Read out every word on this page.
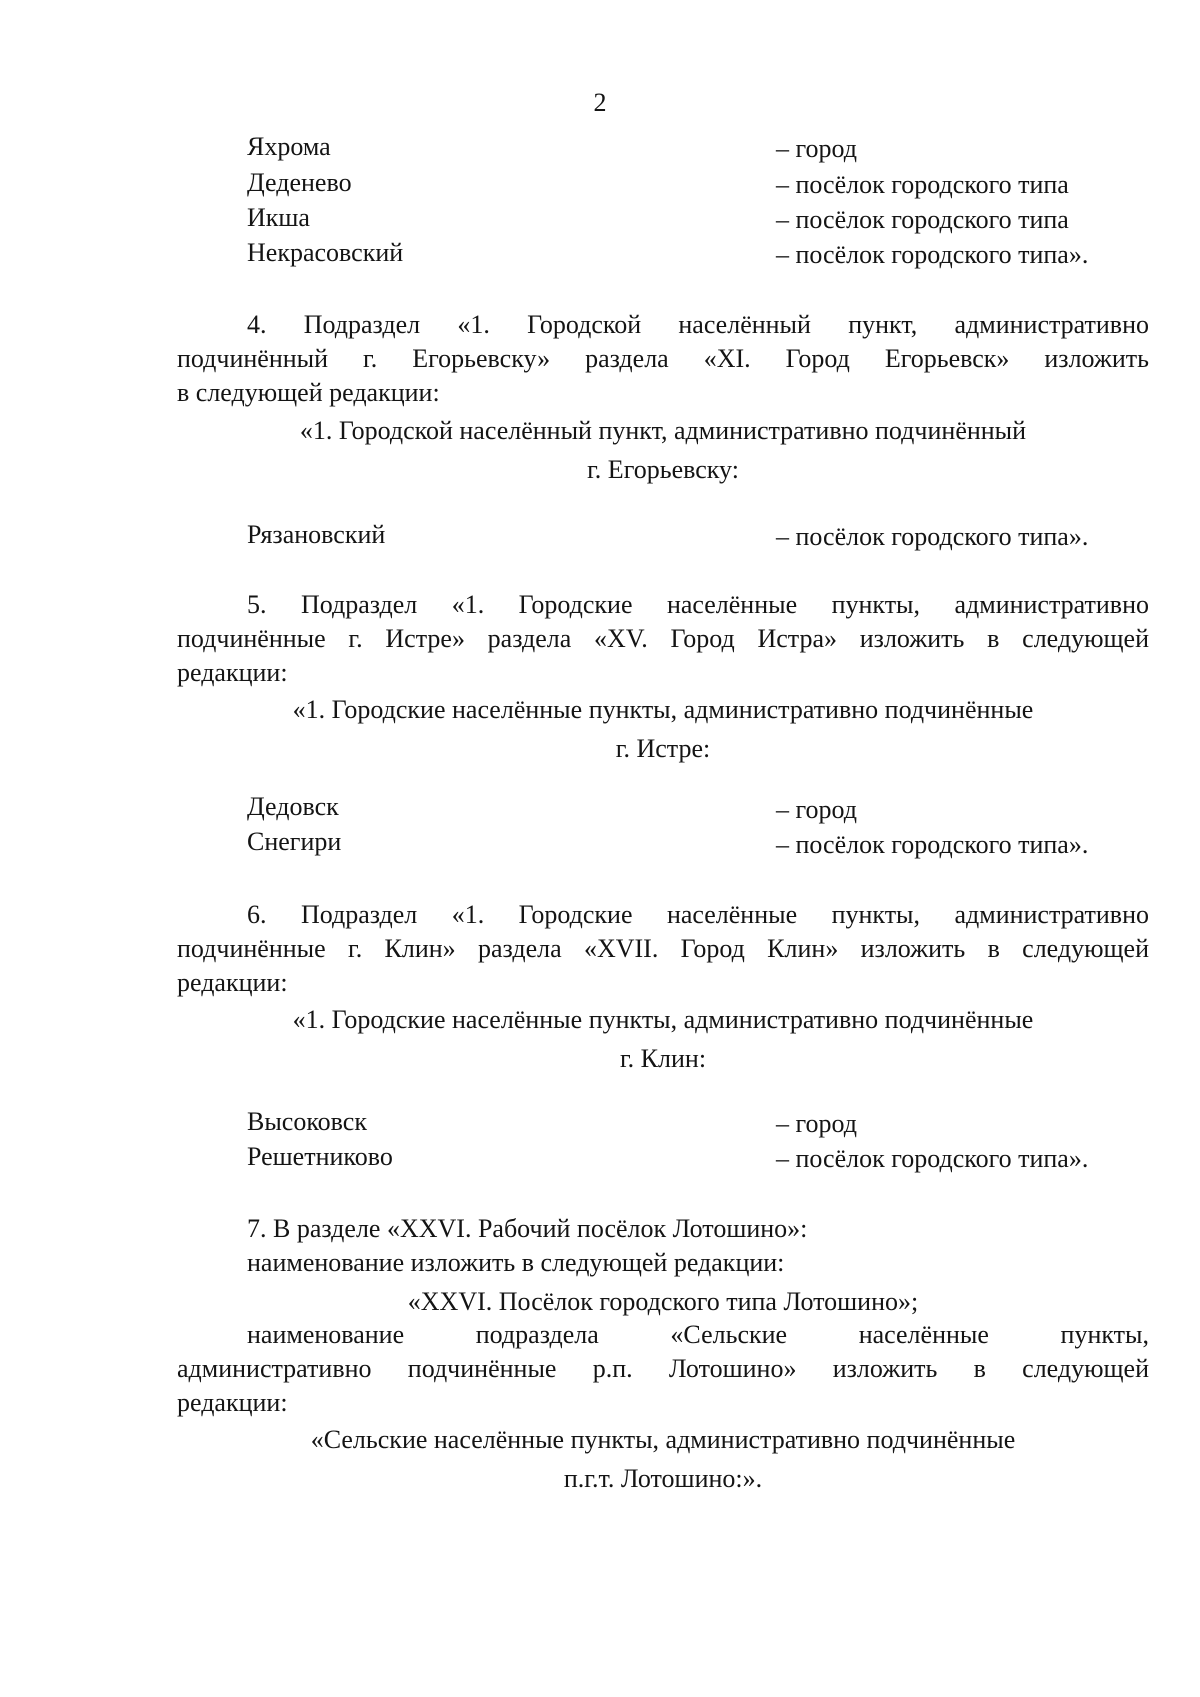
2
Яхрома	– город
Деденево	– посёлок городского типа
Икша	– посёлок городского типа
Некрасовский	– посёлок городского типа».
4. Подраздел «1. Городской населённый пункт, административно
подчинённый г. Егорьевску» раздела «XI. Город Егорьевск» изложить
в следующей редакции:
«1. Городской населённый пункт, административно подчинённый
г. Егорьевску:
Рязановский	– посёлок городского типа».
5. Подраздел «1. Городские населённые пункты, административно
подчинённые г. Истре» раздела «XV. Город Истра» изложить в следующей
редакции:
«1. Городские населённые пункты, административно подчинённые
г. Истре:
Дедовск	– город
Снегири	– посёлок городского типа».
6. Подраздел «1. Городские населённые пункты, административно
подчинённые г. Клин» раздела «XVII. Город Клин» изложить в следующей
редакции:
«1. Городские населённые пункты, административно подчинённые
г. Клин:
Высоковск	– город
Решетниково	– посёлок городского типа».
7. В разделе «XXVI. Рабочий посёлок Лотошино»:
наименование изложить в следующей редакции:
«XXVI. Посёлок городского типа Лотошино»;
наименование подраздела «Сельские населённые пункты,
административно подчинённые р.п. Лотошино» изложить в следующей
редакции:
«Сельские населённые пункты, административно подчинённые
п.г.т. Лотошино:».
